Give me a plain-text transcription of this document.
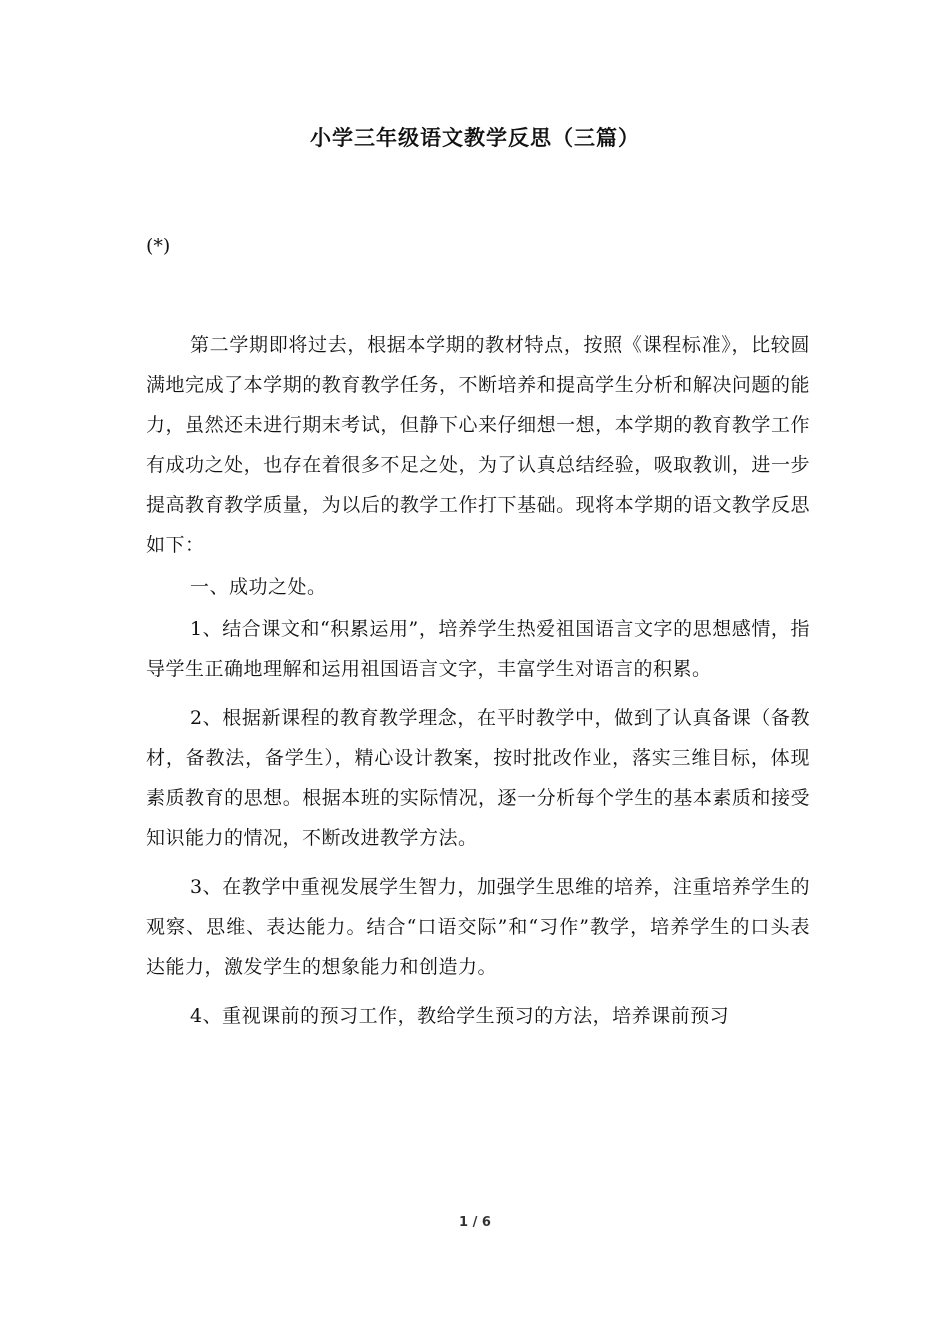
小学三年级语文教学反思（三篇）
(*)

第二学期即将过去，根据本学期的教材特点，按照《课程标准》，比较圆满地完成了本学期的教育教学任务，不断培养和提高学生分析和解决问题的能力，虽然还未进行期末考试，但静下心来仔细想一想，本学期的教育教学工作有成功之处，也存在着很多不足之处，为了认真总结经验，吸取教训，进一步提高教育教学质量，为以后的教学工作打下基础。现将本学期的语文教学反思如下：

一、成功之处。

1、结合课文和“积累运用”，培养学生热爱祖国语言文字的思想感情，指导学生正确地理解和运用祖国语言文字，丰富学生对语言的积累。

2、根据新课程的教育教学理念，在平时教学中，做到了认真备课（备教材，备教法，备学生），精心设计教案，按时批改作业，落实三维目标，体现素质教育的思想。根据本班的实际情况，逐一分析每个学生的基本素质和接受知识能力的情况，不断改进教学方法。

3、在教学中重视发展学生智力，加强学生思维的培养，注重培养学生的观察、思维、表达能力。结合“口语交际”和“习作”教学，培养学生的口头表达能力，激发学生的想象能力和创造力。

4、重视课前的预习工作，教给学生预习的方法，培养课前预习

1 / 6
